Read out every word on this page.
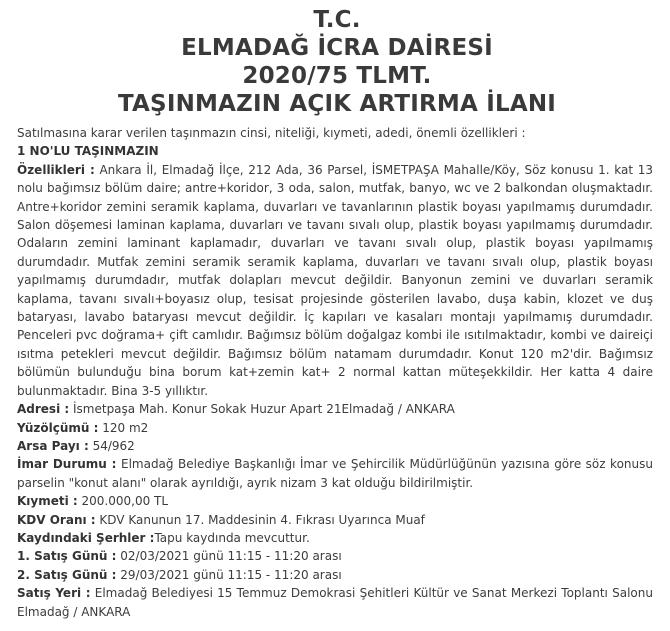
T.C.
ELMADAĞ İCRA DAİRESİ
2020/75 TLMT.
TAŞINMAZIN AÇIK ARTIRMA İLANI

Satılmasına karar verilen taşınmazın cinsi, niteliği, kıymeti, adedi, önemli özellikleri :

1 NO'LU TAŞINMAZIN

Özellikleri : Ankara İl, Elmadağ İlçe, 212 Ada, 36 Parsel, İSMETPAŞA Mahalle/Köy, Söz konusu 1. kat 13 nolu bağımsız bölüm daire; antre+koridor, 3 oda, salon, mutfak, banyo, wc ve 2 balkondan oluşmaktadır. Antre+koridor zemini seramik kaplama, duvarları ve tavanlarının plastik boyası yapılmamış durumdadır. Salon döşemesi laminan kaplama, duvarları ve tavanı sıvalı olup, plastik boyası yapılmamış durumdadır. Odaların zemini laminant kaplamadır, duvarları ve tavanı sıvalı olup, plastik boyası yapılmamış durumdadır. Mutfak zemini seramik seramik kaplama, duvarları ve tavanı sıvalı olup, plastik boyası yapılmamış durumdadır, mutfak dolapları mevcut değildir. Banyonun zemini ve duvarları seramik kaplama, tavanı sıvalı+boyasız olup, tesisat projesinde gösterilen lavabo, duşa kabin, klozet ve duş bataryası, lavabo bataryası mevcut değildir. İç kapıları ve kasaları montajı yapılmamış durumdadır. Penceleri pvc doğrama+ çift camlıdır. Bağımsız bölüm doğalgaz kombi ile ısıtılmaktadır, kombi ve daireiçi ısıtma petekleri mevcut değildir. Bağımsız bölüm natamam durumdadır. Konut 120 m2'dir. Bağımsız bölümün bulunduğu bina borum kat+zemin kat+ 2 normal kattan müteşekkildir. Her katta 4 daire bulunmaktadır. Bina 3-5 yıllıktır.

Adresi : İsmetpaşa Mah. Konur Sokak Huzur Apart 21Elmadağ / ANKARA

Yüzölçümü : 120 m2

Arsa Payı : 54/962

İmar Durumu : Elmadağ Belediye Başkanlığı İmar ve Şehircilik Müdürlüğünün yazısına göre söz konusu parselin "konut alanı" olarak ayrıldığı, ayrık nizam 3 kat olduğu bildirilmiştir.

Kıymeti : 200.000,00 TL

KDV Oranı : KDV Kanunun 17. Maddesinin 4. Fıkrası Uyarınca Muaf

Kaydındaki Şerhler :Tapu kaydında mevcuttur.

1. Satış Günü : 02/03/2021 günü 11:15 - 11:20 arası

2. Satış Günü : 29/03/2021 günü 11:15 - 11:20 arası

Satış Yeri : Elmadağ Belediyesi 15 Temmuz Demokrasi Şehitleri Kültür ve Sanat Merkezi Toplantı Salonu Elmadağ / ANKARA
